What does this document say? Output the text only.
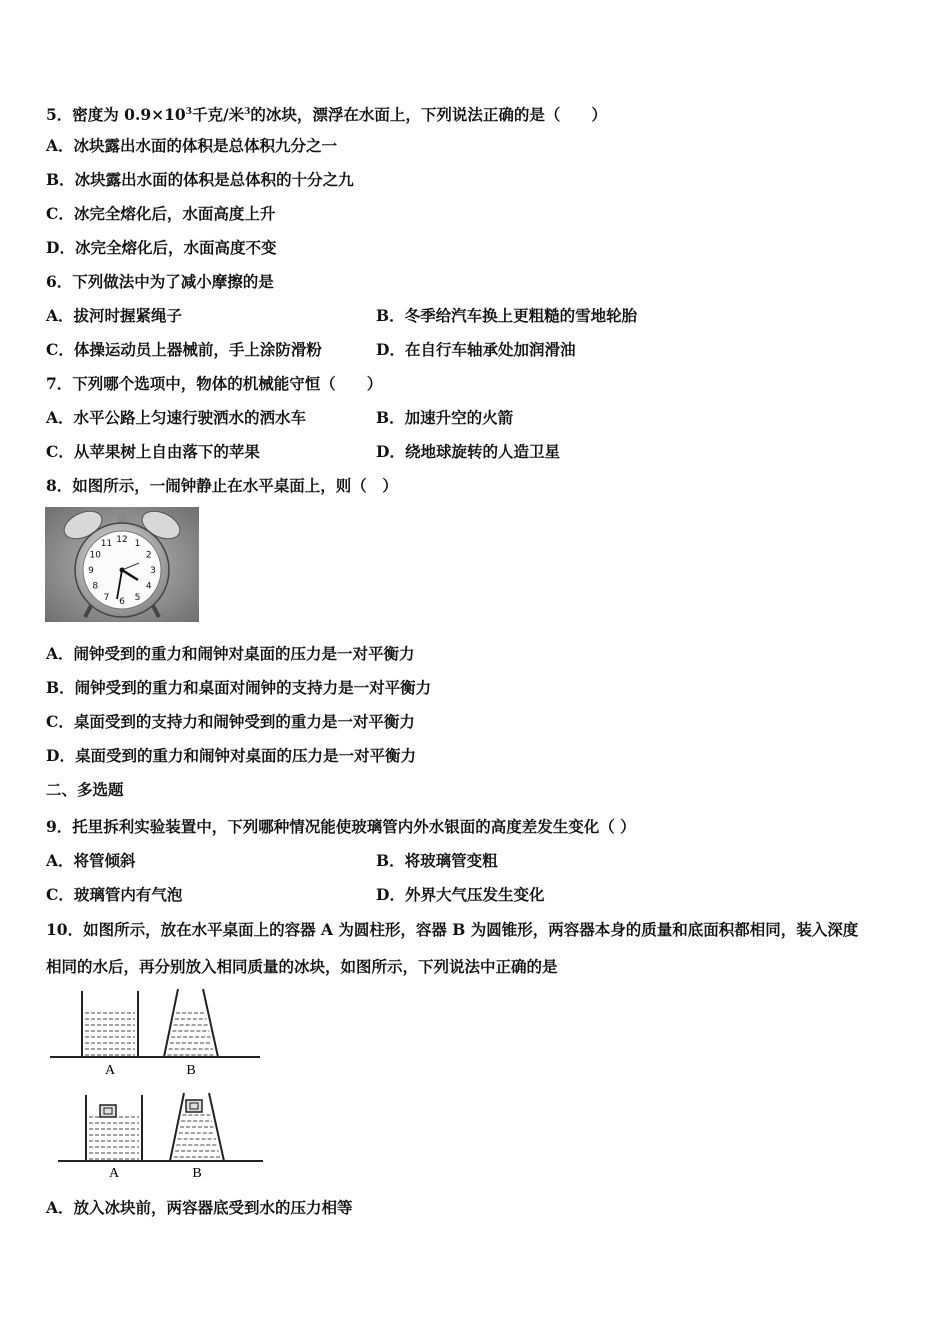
5．密度为 $0.9\times 10^3$千克/米$^3$的冰块，漂浮在水面上，下列说法正确的是（　　）
A．冰块露出水面的体积是总体积九分之一
B．冰块露出水面的体积是总体积的十分之九
C．冰完全熔化后，水面高度上升
D．冰完全熔化后，水面高度不变
6．下列做法中为了减小摩擦的是
A．拔河时握紧绳子	B．冬季给汽车换上更粗糙的雪地轮胎
C．体操运动员上器械前，手上涂防滑粉	D．在自行车轴承处加润滑油
7．下列哪个选项中，物体的机械能守恒（　　）
A．水平公路上匀速行驶洒水的洒水车	B．加速升空的火箭
C．从苹果树上自由落下的苹果	D．绕地球旋转的人造卫星
8．如图所示，一闹钟静止在水平桌面上，则（　）
12 1
2
3
4
5
6
7
8
9
10
11
A．闹钟受到的重力和闹钟对桌面的压力是一对平衡力
B．闹钟受到的重力和桌面对闹钟的支持力是一对平衡力
C．桌面受到的支持力和闹钟受到的重力是一对平衡力
D．桌面受到的重力和闹钟对桌面的压力是一对平衡力
二、多选题
9．托里拆利实验装置中，下列哪种情况能使玻璃管内外水银面的高度差发生变化（ ）
A．将管倾斜	B．将玻璃管变粗
C．玻璃管内有气泡	D．外界大气压发生变化
10．如图所示，放在水平桌面上的容器 A 为圆柱形，容器 B 为圆锥形，两容器本身的质量和底面积都相同，装入深度
相同的水后，再分别放入相同质量的冰块，如图所示，下列说法中正确的是
A	B
A	B
A．放入冰块前，两容器底受到水的压力相等
